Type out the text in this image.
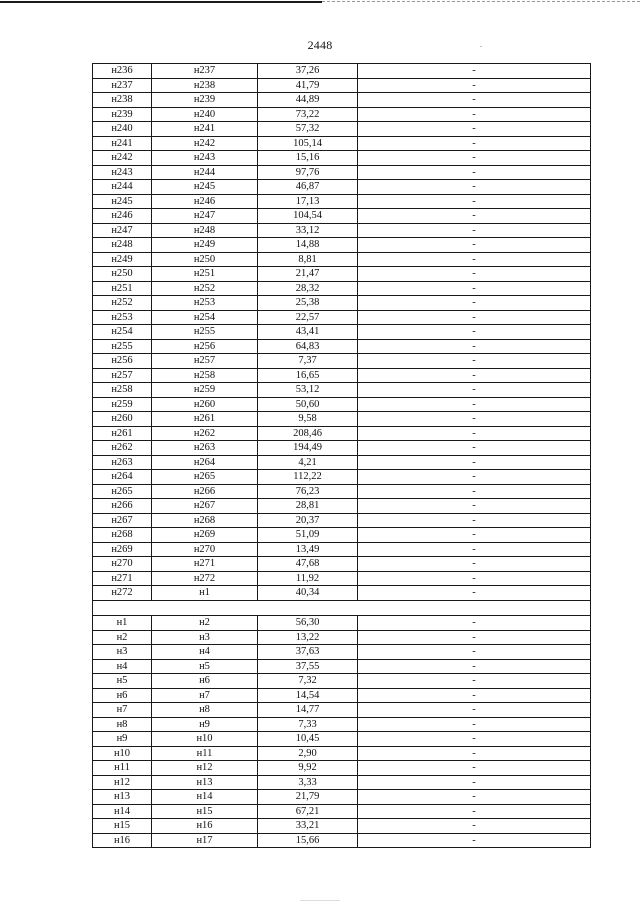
2448
н236	н237	37,26	-
н237	н238	41,79	-
н238	н239	44,89	-
н239	н240	73,22	-
н240	н241	57,32	-
н241	н242	105,14	-
н242	н243	15,16	-
н243	н244	97,76	-
н244	н245	46,87	-
н245	н246	17,13	-
н246	н247	104,54	-
н247	н248	33,12	-
н248	н249	14,88	-
н249	н250	8,81	-
н250	н251	21,47	-
н251	н252	28,32	-
н252	н253	25,38	-
н253	н254	22,57	-
н254	н255	43,41	-
н255	н256	64,83	-
н256	н257	7,37	-
н257	н258	16,65	-
н258	н259	53,12	-
н259	н260	50,60	-
н260	н261	9,58	-
н261	н262	208,46	-
н262	н263	194,49	-
н263	н264	4,21	-
н264	н265	112,22	-
н265	н266	76,23	-
н266	н267	28,81	-
н267	н268	20,37	-
н268	н269	51,09	-
н269	н270	13,49	-
н270	н271	47,68	-
н271	н272	11,92	-
н272	н1	40,34	-

н1	н2	56,30	-
н2	н3	13,22	-
н3	н4	37,63	-
н4	н5	37,55	-
н5	н6	7,32	-
н6	н7	14,54	-
н7	н8	14,77	-
н8	н9	7,33	-
н9	н10	10,45	-
н10	н11	2,90	-
н11	н12	9,92	-
н12	н13	3,33	-
н13	н14	21,79	-
н14	н15	67,21	-
н15	н16	33,21	-
н16	н17	15,66	-
